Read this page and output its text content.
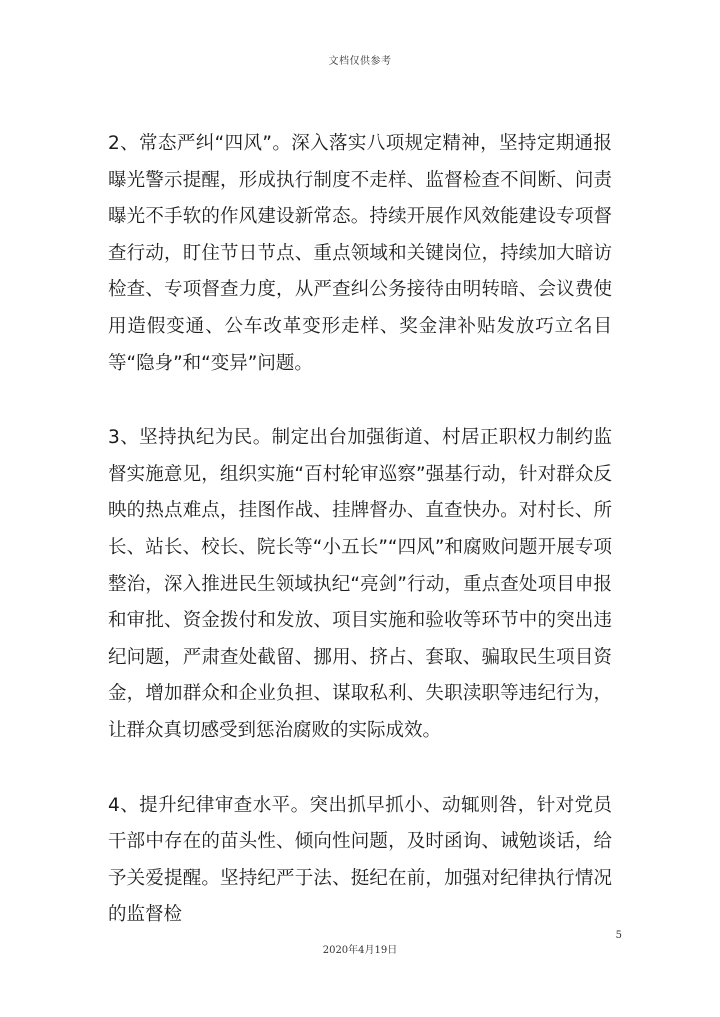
文档仅供参考

2、常态严纠“四风”。深入落实八项规定精神，坚持定期通报曝光警示提醒，形成执行制度不走样、监督检查不间断、问责曝光不手软的作风建设新常态。持续开展作风效能建设专项督查行动，盯住节日节点、重点领域和关键岗位，持续加大暗访检查、专项督查力度，从严查纠公务接待由明转暗、会议费使用造假变通、公车改革变形走样、奖金津补贴发放巧立名目等“隐身”和“变异”问题。

3、坚持执纪为民。制定出台加强街道、村居正职权力制约监督实施意见，组织实施“百村轮审巡察”强基行动，针对群众反映的热点难点，挂图作战、挂牌督办、直查快办。对村长、所长、站长、校长、院长等“小五长”“四风”和腐败问题开展专项整治，深入推进民生领域执纪“亮剑”行动，重点查处项目申报和审批、资金拨付和发放、项目实施和验收等环节中的突出违纪问题，严肃查处截留、挪用、挤占、套取、骗取民生项目资金，增加群众和企业负担、谋取私利、失职渎职等违纪行为，让群众真切感受到惩治腐败的实际成效。

4、提升纪律审查水平。突出抓早抓小、动辄则咎，针对党员干部中存在的苗头性、倾向性问题，及时函询、诫勉谈话，给予关爱提醒。坚持纪严于法、挺纪在前，加强对纪律执行情况的监督检

5
2020年4月19日
